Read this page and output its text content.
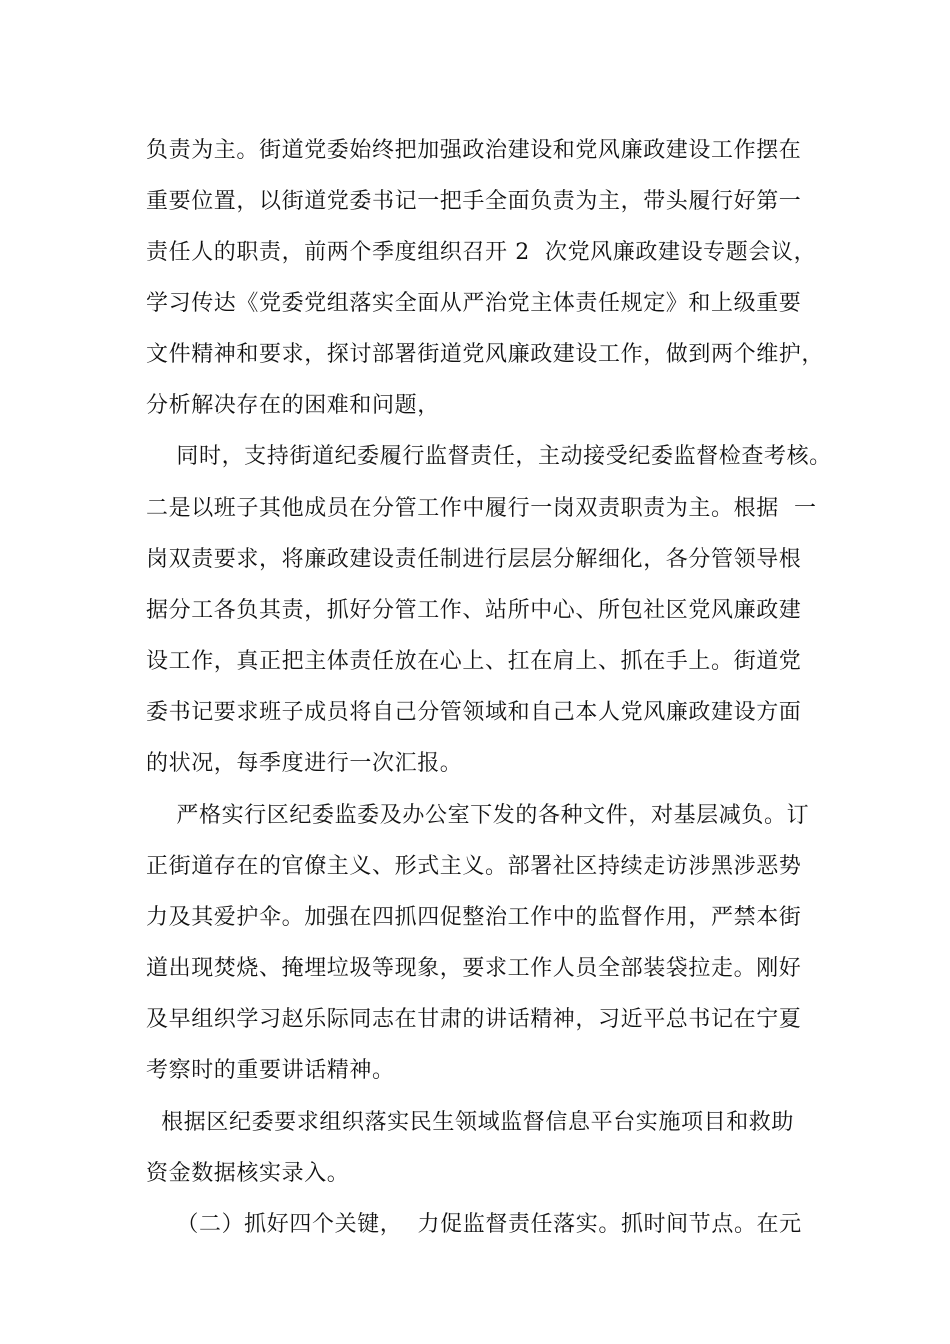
负责为主。街道党委始终把加强政治建设和党风廉政建设工作摆在
重要位置，以街道党委书记一把手全面负责为主，带头履行好第一
责任人的职责，前两个季度组织召开 2  次党风廉政建设专题会议，
学习传达《党委党组落实全面从严治党主体责任规定》和上级重要
文件精神和要求，探讨部署街道党风廉政建设工作，做到两个维护，
分析解决存在的困难和问题，
同时，支持街道纪委履行监督责任，主动接受纪委监督检查考核。
二是以班子其他成员在分管工作中履行一岗双责职责为主。根据  一
岗双责要求，将廉政建设责任制进行层层分解细化，各分管领导根
据分工各负其责，抓好分管工作、站所中心、所包社区党风廉政建
设工作，真正把主体责任放在心上、扛在肩上、抓在手上。街道党
委书记要求班子成员将自己分管领域和自己本人党风廉政建设方面
的状况，每季度进行一次汇报。
严格实行区纪委监委及办公室下发的各种文件，对基层减负。订
正街道存在的官僚主义、形式主义。部署社区持续走访涉黑涉恶势
力及其爱护伞。加强在四抓四促整治工作中的监督作用，严禁本街
道出现焚烧、掩埋垃圾等现象，要求工作人员全部装袋拉走。刚好
及早组织学习赵乐际同志在甘肃的讲话精神，习近平总书记在宁夏
考察时的重要讲话精神。
根据区纪委要求组织落实民生领域监督信息平台实施项目和救助
资金数据核实录入。
（二）抓好四个关键，  力促监督责任落实。抓时间节点。在元
